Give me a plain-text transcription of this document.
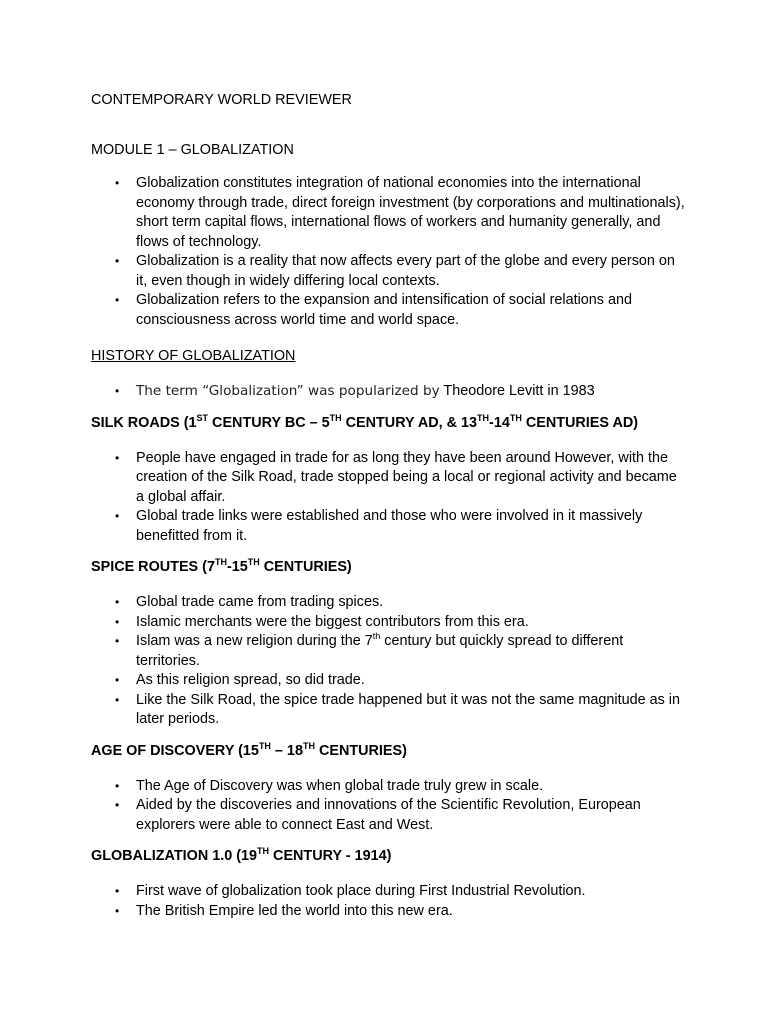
CONTEMPORARY WORLD REVIEWER

MODULE 1 – GLOBALIZATION

• Globalization constitutes integration of national economies into the international economy through trade, direct foreign investment (by corporations and multinationals), short term capital flows, international flows of workers and humanity generally, and flows of technology.
• Globalization is a reality that now affects every part of the globe and every person on it, even though in widely differing local contexts.
• Globalization refers to the expansion and intensification of social relations and consciousness across world time and world space.

HISTORY OF GLOBALIZATION

• The term “Globalization” was popularized by Theodore Levitt in 1983

SILK ROADS (1ST CENTURY BC – 5TH CENTURY AD, & 13TH-14TH CENTURIES AD)

• People have engaged in trade for as long they have been around However, with the creation of the Silk Road, trade stopped being a local or regional activity and became a global affair.
• Global trade links were established and those who were involved in it massively benefitted from it.

SPICE ROUTES (7TH-15TH CENTURIES)

• Global trade came from trading spices.
• Islamic merchants were the biggest contributors from this era.
• Islam was a new religion during the 7th century but quickly spread to different territories.
• As this religion spread, so did trade.
• Like the Silk Road, the spice trade happened but it was not the same magnitude as in later periods.

AGE OF DISCOVERY (15TH – 18TH CENTURIES)

• The Age of Discovery was when global trade truly grew in scale.
• Aided by the discoveries and innovations of the Scientific Revolution, European explorers were able to connect East and West.

GLOBALIZATION 1.0 (19TH CENTURY - 1914)

• First wave of globalization took place during First Industrial Revolution.
• The British Empire led the world into this new era.
